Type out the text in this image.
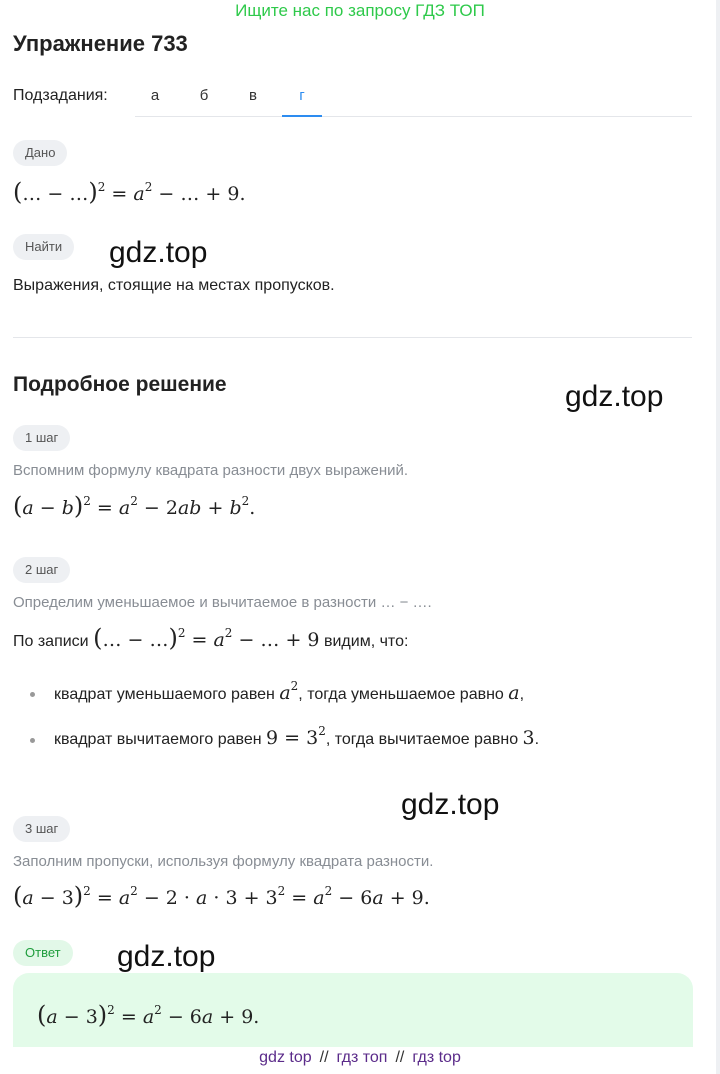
Ищите нас по запросу ГДЗ ТОП
Упражнение 733
Подзадания:	а	б	в	г
Дано
(… − …)$^2$ = $a^2$ − … + 9.
Найти
Выражения, стоящие на местах пропусков.
Подробное решение
1 шаг
Вспомним формулу квадрата разности двух выражений.
$(a - b)^2 = a^2 - 2ab + b^2$.
2 шаг
Определим уменьшаемое и вычитаемое в разности … − ….
По записи (… − …)$^2$ = $a^2$ − … + 9 видим, что:
квадрат уменьшаемого равен $a^2$, тогда уменьшаемое равно a,
квадрат вычитаемого равен $9 = 3^2$, тогда вычитаемое равно 3.
3 шаг
Заполним пропуски, используя формулу квадрата разности.
$(a - 3)^2 = a^2 - 2 \cdot a \cdot 3 + 3^2 = a^2 - 6a + 9$.
Ответ
$(a - 3)^2 = a^2 - 6a + 9$.
gdz.top
gdz.top
gdz.top
gdz.top
gdz top // гдз топ // гдз top
